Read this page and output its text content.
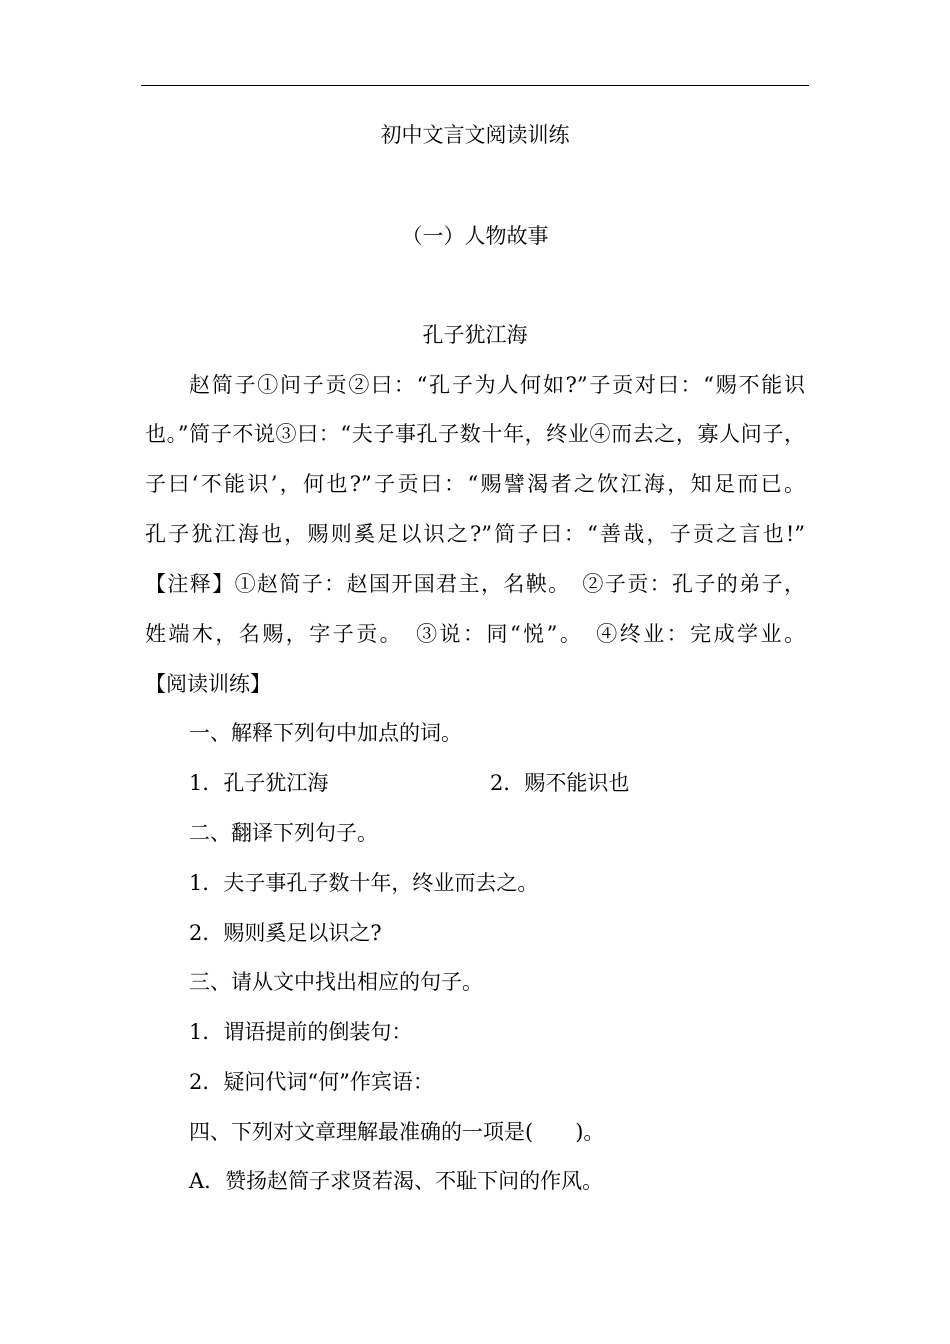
初中文言文阅读训练
（一）人物故事
孔子犹江海
赵简子①问子贡②曰：“孔子为人何如?”子贡对曰：“赐不能识
也。”简子不说③曰：“夫子事孔子数十年，终业④而去之，寡人问子，
子曰‘不能识’，何也?”子贡曰：“赐譬渴者之饮江海，知足而已。
孔子犹江海也，赐则奚足以识之?”简子曰：“善哉，子贡之言也!”
【注释】①赵简子：赵国开国君主，名鞅。　②子贡：孔子的弟子，
姓端木，名赐，字子贡。　③说：同“悦”。　④终业：完成学业。
【阅读训练】
一、解释下列句中加点的词。
1．孔子犹江海	2．赐不能识也
二、翻译下列句子。
1．夫子事孔子数十年，终业而去之。
2．赐则奚足以识之?
三、请从文中找出相应的句子。
1．谓语提前的倒装句：
2．疑问代词“何”作宾语：
四、下列对文章理解最准确的一项是(　　)。
A．赞扬赵简子求贤若渴、不耻下问的作风。
